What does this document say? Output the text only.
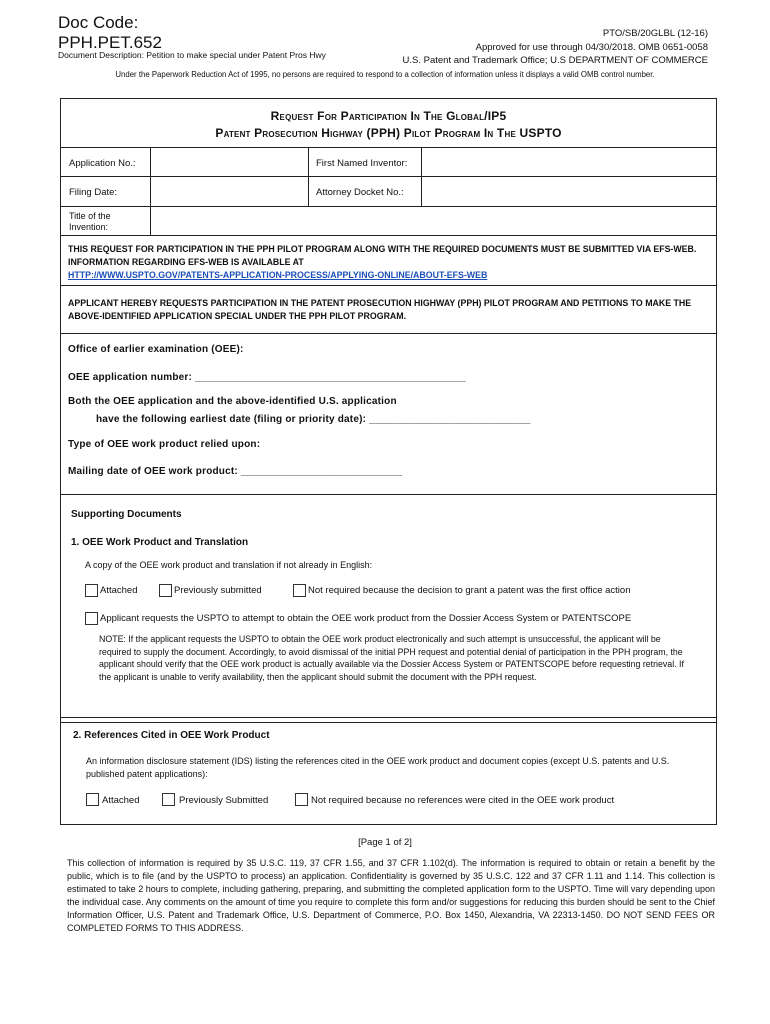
Doc Code:
PPH.PET.652
Document Description: Petition to make special under Patent Pros Hwy
PTO/SB/20GLBL (12-16)
Approved for use through 04/30/2018. OMB 0651-0058
U.S. Patent and Trademark Office; U.S DEPARTMENT OF COMMERCE
Under the Paperwork Reduction Act of 1995, no persons are required to respond to a collection of information unless it displays a valid OMB control number.
Request For Participation In The Global/IP5
Patent Prosecution Highway (PPH) Pilot Program In The USPTO
Application No.:	First Named Inventor:
Filing Date:	Attorney Docket No.:
Title of the Invention:
THIS REQUEST FOR PARTICIPATION IN THE PPH PILOT PROGRAM ALONG WITH THE REQUIRED DOCUMENTS MUST BE SUBMITTED VIA EFS-WEB. INFORMATION REGARDING EFS-WEB IS AVAILABLE AT
HTTP://WWW.USPTO.GOV/PATENTS-APPLICATION-PROCESS/APPLYING-ONLINE/ABOUT-EFS-WEB
APPLICANT HEREBY REQUESTS PARTICIPATION IN THE PATENT PROSECUTION HIGHWAY (PPH) PILOT PROGRAM AND PETITIONS TO MAKE THE ABOVE-IDENTIFIED APPLICATION SPECIAL UNDER THE PPH PILOT PROGRAM.
Office of earlier examination (OEE):
OEE application number: _______________________________________________
Both the OEE application and the above-identified U.S. application
have the following earliest date (filing or priority date): ____________________________
Type of OEE work product relied upon:
Mailing date of OEE work product: ____________________________
Supporting Documents
1. OEE Work Product and Translation
A copy of the OEE work product and translation if not already in English:
Attached	Previously submitted	Not required because the decision to grant a patent was the first office action
Applicant requests the USPTO to attempt to obtain the OEE work product from the Dossier Access System or PATENTSCOPE
NOTE: If the applicant requests the USPTO to obtain the OEE work product electronically and such attempt is unsuccessful, the applicant will be required to supply the document. Accordingly, to avoid dismissal of the initial PPH request and potential denial of participation in the PPH program, the applicant should verify that the OEE work product is actually available via the Dossier Access System or PATENTSCOPE before requesting retrieval. If the applicant is unable to verify availability, then the applicant should submit the document with the PPH request.
2. References Cited in OEE Work Product
An information disclosure statement (IDS) listing the references cited in the OEE work product and document copies (except U.S. patents and U.S. published patent applications):
Attached	Previously Submitted	Not required because no references were cited in the OEE work product
[Page 1 of 2]
This collection of information is required by 35 U.S.C. 119, 37 CFR 1.55, and 37 CFR 1.102(d). The information is required to obtain or retain a benefit by the public, which is to file (and by the USPTO to process) an application. Confidentiality is governed by 35 U.S.C. 122 and 37 CFR 1.11 and 1.14. This collection is estimated to take 2 hours to complete, including gathering, preparing, and submitting the completed application form to the USPTO. Time will vary depending upon the individual case. Any comments on the amount of time you require to complete this form and/or suggestions for reducing this burden should be sent to the Chief Information Officer, U.S. Patent and Trademark Office, U.S. Department of Commerce, P.O. Box 1450, Alexandria, VA 22313-1450. DO NOT SEND FEES OR COMPLETED FORMS TO THIS ADDRESS.
